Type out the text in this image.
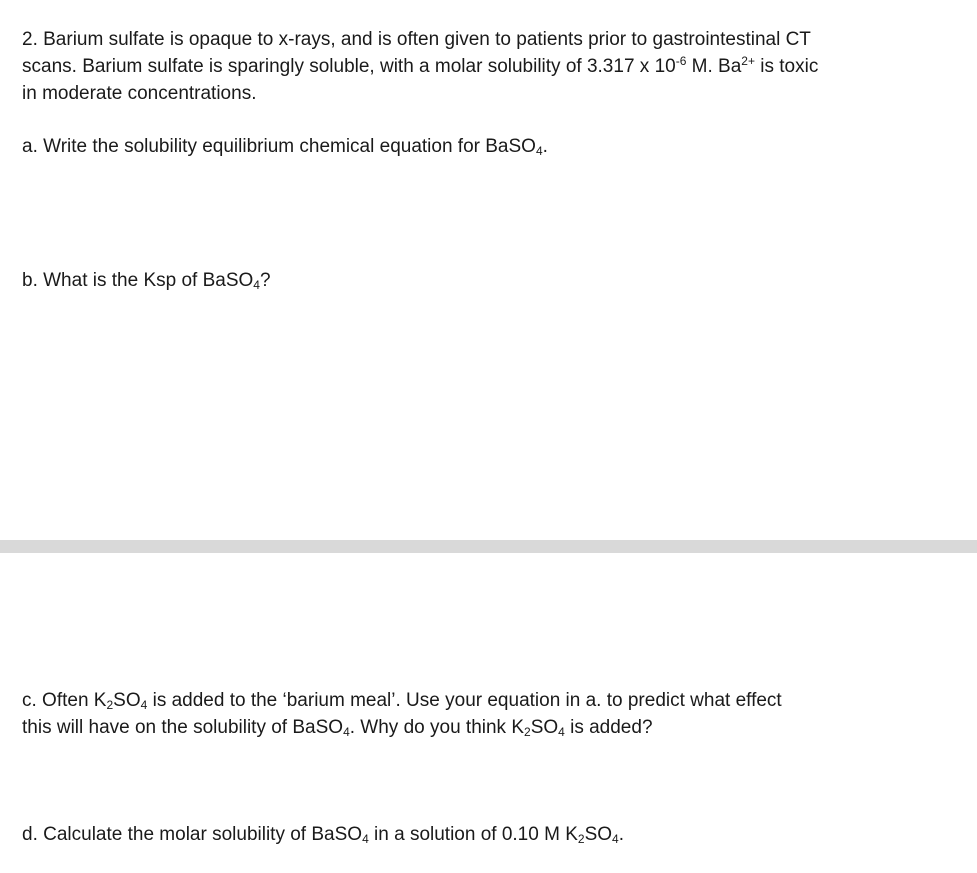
2. Barium sulfate is opaque to x-rays, and is often given to patients prior to gastrointestinal CT

scans. Barium sulfate is sparingly soluble, with a molar solubility of 3.317 x $10^{-6}$ M. $Ba^{2+}$ is toxic

in moderate concentrations.

a. Write the solubility equilibrium chemical equation for BaSO$_4$.

b. What is the Ksp of BaSO$_4$?

c. Often $K_2SO_4$ is added to the ‘barium meal’. Use your equation in a. to predict what effect

this will have on the solubility of BaSO$_4$. Why do you think $K_2SO_4$ is added?

d. Calculate the molar solubility of BaSO$_4$ in a solution of 0.10 M $K_2SO_4$.
